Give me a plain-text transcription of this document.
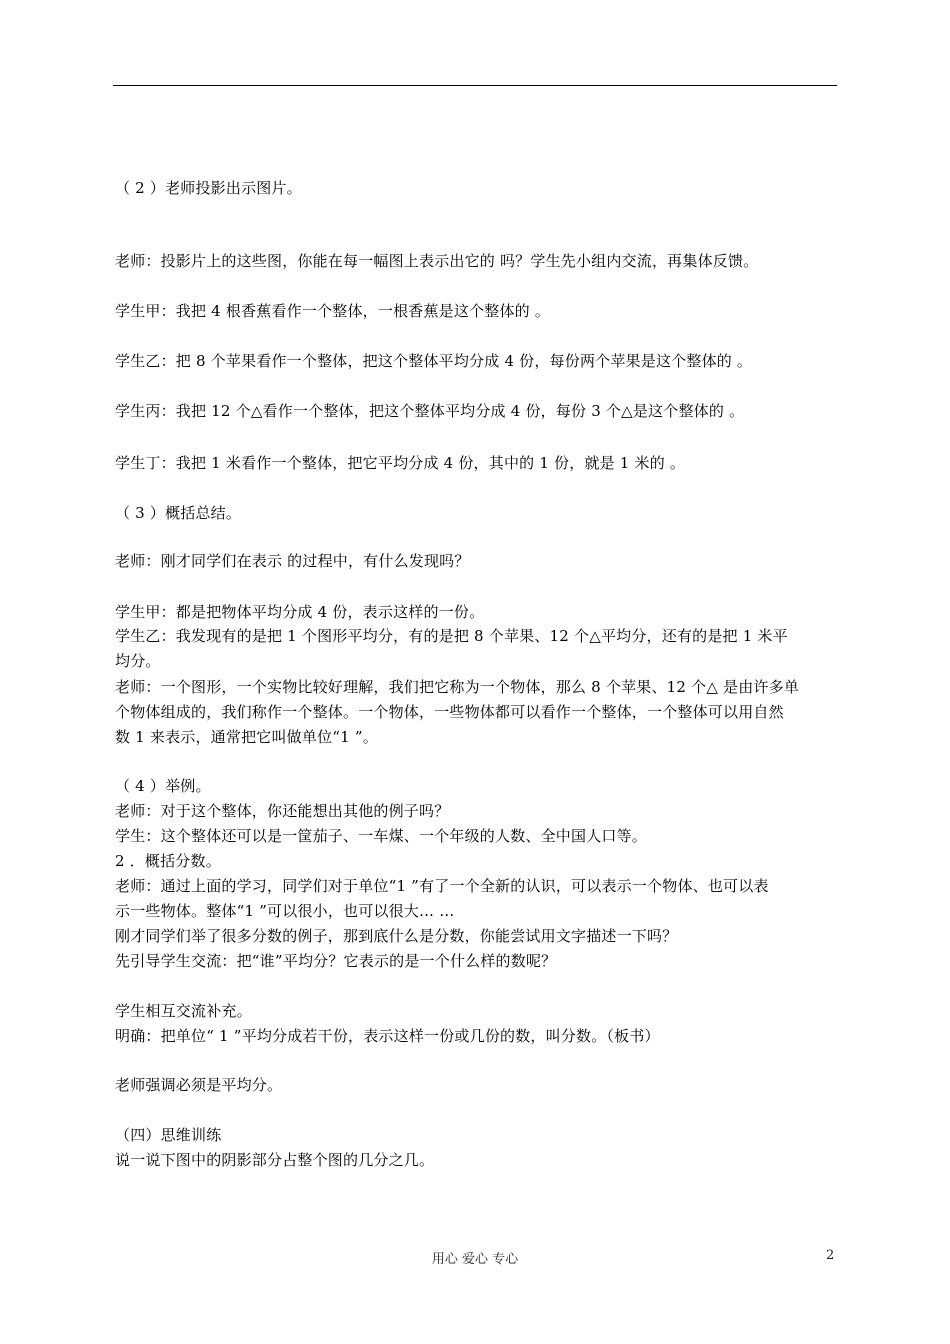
（ 2 ）老师投影出示图片。
老师：投影片上的这些图，你能在每一幅图上表示出它的 吗？学生先小组内交流，再集体反馈。
学生甲：我把 4 根香蕉看作一个整体，一根香蕉是这个整体的 。
学生乙：把 8 个苹果看作一个整体，把这个整体平均分成 4 份，每份两个苹果是这个整体的 。
学生丙：我把 12 个△看作一个整体，把这个整体平均分成 4 份，每份 3 个△是这个整体的 。
学生丁：我把 1 米看作一个整体，把它平均分成 4 份，其中的 1 份，就是 1 米的 。
（ 3 ）概括总结。
老师：刚才同学们在表示 的过程中，有什么发现吗？
学生甲：都是把物体平均分成 4 份，表示这样的一份。
学生乙：我发现有的是把 1 个图形平均分，有的是把 8 个苹果、12 个△平均分，还有的是把 1 米平
均分。
老师：一个图形，一个实物比较好理解，我们把它称为一个物体，那么 8 个苹果、12 个△ 是由许多单
个物体组成的，我们称作一个整体。一个物体，一些物体都可以看作一个整体，一个整体可以用自然
数 1 来表示，通常把它叫做单位“1 ”。
（ 4 ）举例。
老师：对于这个整体，你还能想出其他的例子吗？
学生：这个整体还可以是一筐茄子、一车煤、一个年级的人数、全中国人口等。
2 ．概括分数。
老师：通过上面的学习，同学们对于单位“1 ”有了一个全新的认识，可以表示一个物体、也可以表
示一些物体。整体“1 ”可以很小，也可以很大… …
刚才同学们举了很多分数的例子，那到底什么是分数，你能尝试用文字描述一下吗？
先引导学生交流：把“谁”平均分？它表示的是一个什么样的数呢？
学生相互交流补充。
明确：把单位“ 1 ”平均分成若干份，表示这样一份或几份的数，叫分数。（板书）
老师强调必须是平均分。
（四）思维训练
说一说下图中的阴影部分占整个图的几分之几。
用心 爱心 专心	2
